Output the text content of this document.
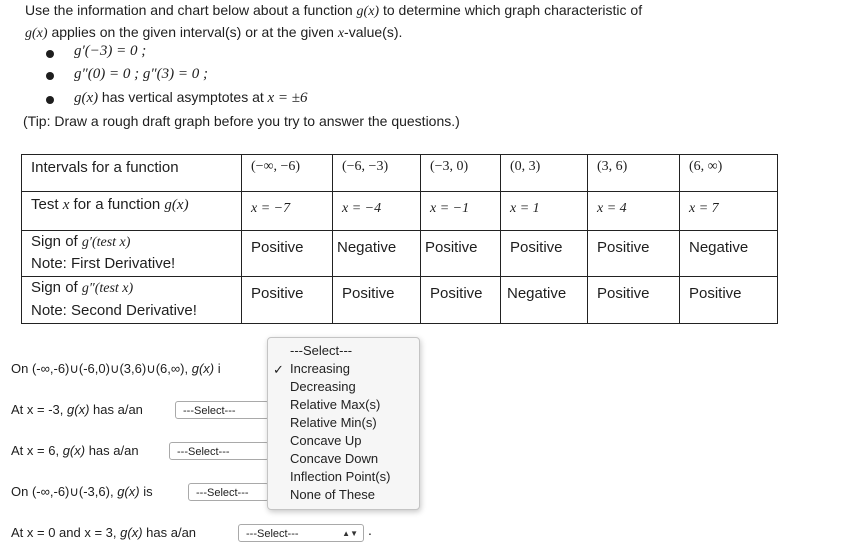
Use the information and chart below about a function g(x) to determine which graph characteristic of
g(x) applies on the given interval(s) or at the given x-value(s).
g′(−3) = 0 ;
g″(0) = 0 ; g″(3) = 0 ;
g(x) has vertical asymptotes at x = ±6
(Tip: Draw a rough draft graph before you try to answer the questions.)
Intervals for a function	(−∞, −6)	(−6, −3)	(−3, 0)	(0, 3)	(3, 6)	(6, ∞)

Test x for a function g(x)	x = −7	x = −4	x = −1	x = 1	x = 4	x = 7

Sign of g′(test x)
Note: First Derivative!	Positive	Negative	Positive	Positive	Positive	Negative

Sign of g″(test x)
Note: Second Derivative!	Positive	Positive	Positive	Negative	Positive	Positive
On (-∞,-6)∪(-6,0)∪(3,6)∪(6,∞), g(x) i
At x = -3, g(x) has a/an	---Select---
At x = 6, g(x) has a/an	---Select---
On (-∞,-6)∪(-3,6), g(x) is	---Select---
At x = 0 and x = 3, g(x) has a/an	---Select---	▲▼ .
✓
---Select---
Increasing
Decreasing
Relative Max(s)
Relative Min(s)
Concave Up
Concave Down
Inflection Point(s)
None of These
